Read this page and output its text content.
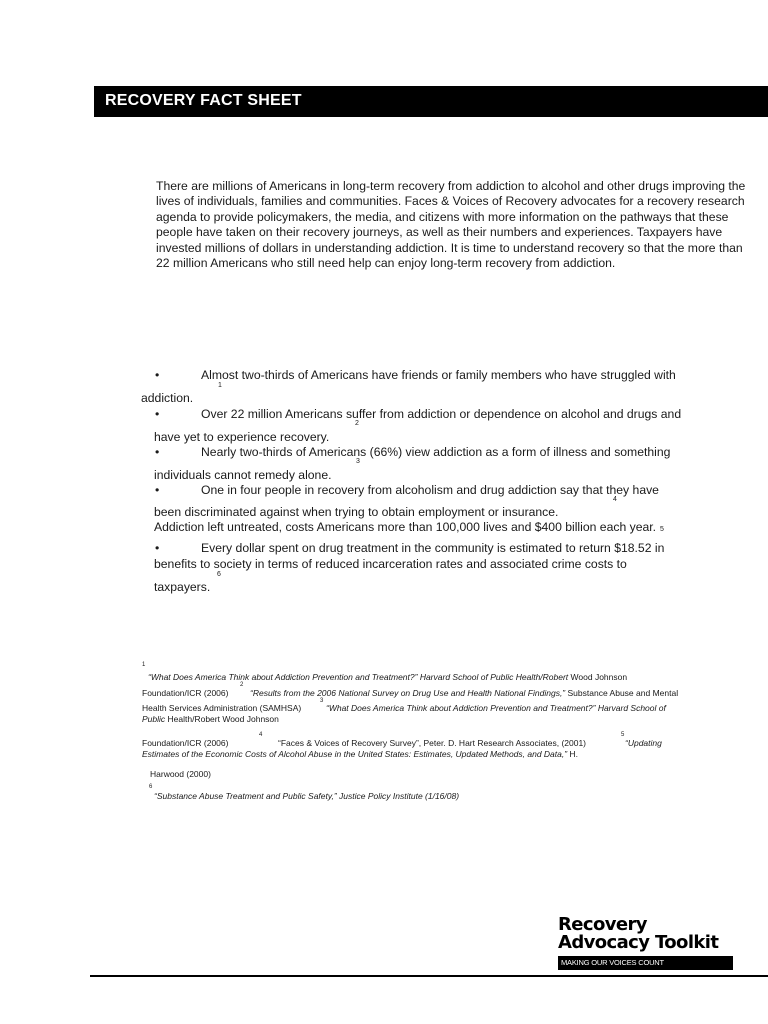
RECOVERY FACT SHEET

There are millions of Americans in long-term recovery from addiction to alcohol and other drugs improving the lives of individuals, families and communities. Faces & Voices of Recovery advocates for a recovery research agenda to provide policymakers, the media, and citizens with more information on the pathways that these people have taken on their recovery journeys, as well as their numbers and experiences. Taxpayers have invested millions of dollars in understanding addiction. It is time to understand recovery so that the more than 22 million Americans who still need help can enjoy long-term recovery from addiction.

•	Almost two-thirds of Americans have friends or family members who have struggled with
1
addiction.
•	Over 22 million Americans suffer from addiction or dependence on alcohol and drugs and
2
have yet to experience recovery.
•	Nearly two-thirds of Americans (66%) view addiction as a form of illness and something
3
individuals cannot remedy alone.
•	One in four people in recovery from alcoholism and drug addiction say that they have
4
been discriminated against when trying to obtain employment or insurance.
Addiction left untreated, costs Americans more than 100,000 lives and $400 billion each year. 5
•	Every dollar spent on drug treatment in the community is estimated to return $18.52 in
benefits to society in terms of reduced incarceration rates and associated crime costs to
6
taxpayers.
1
“What Does America Think about Addiction Prevention and Treatment?” Harvard School of Public Health/Robert Wood Johnson
Foundation/ICR (2006)
2
“Results from the 2006 National Survey on Drug Use and Health National Findings,” Substance Abuse and Mental
Health Services Administration (SAMHSA)
3
“What Does America Think about Addiction Prevention and Treatment?” Harvard School of
Public Health/Robert Wood Johnson
Foundation/ICR (2006)
4
“Faces & Voices of Recovery Survey”, Peter. D. Hart Research Associates, (2001)
5
“Updating
Estimates of the Economic Costs of Alcohol Abuse in the United States: Estimates, Updated Methods, and Data,” H.
Harwood (2000)
6
“Substance Abuse Treatment and Public Safety,” Justice Policy Institute (1/16/08)
Recovery
Advocacy Toolkit
MAKING OUR VOICES COUNT
